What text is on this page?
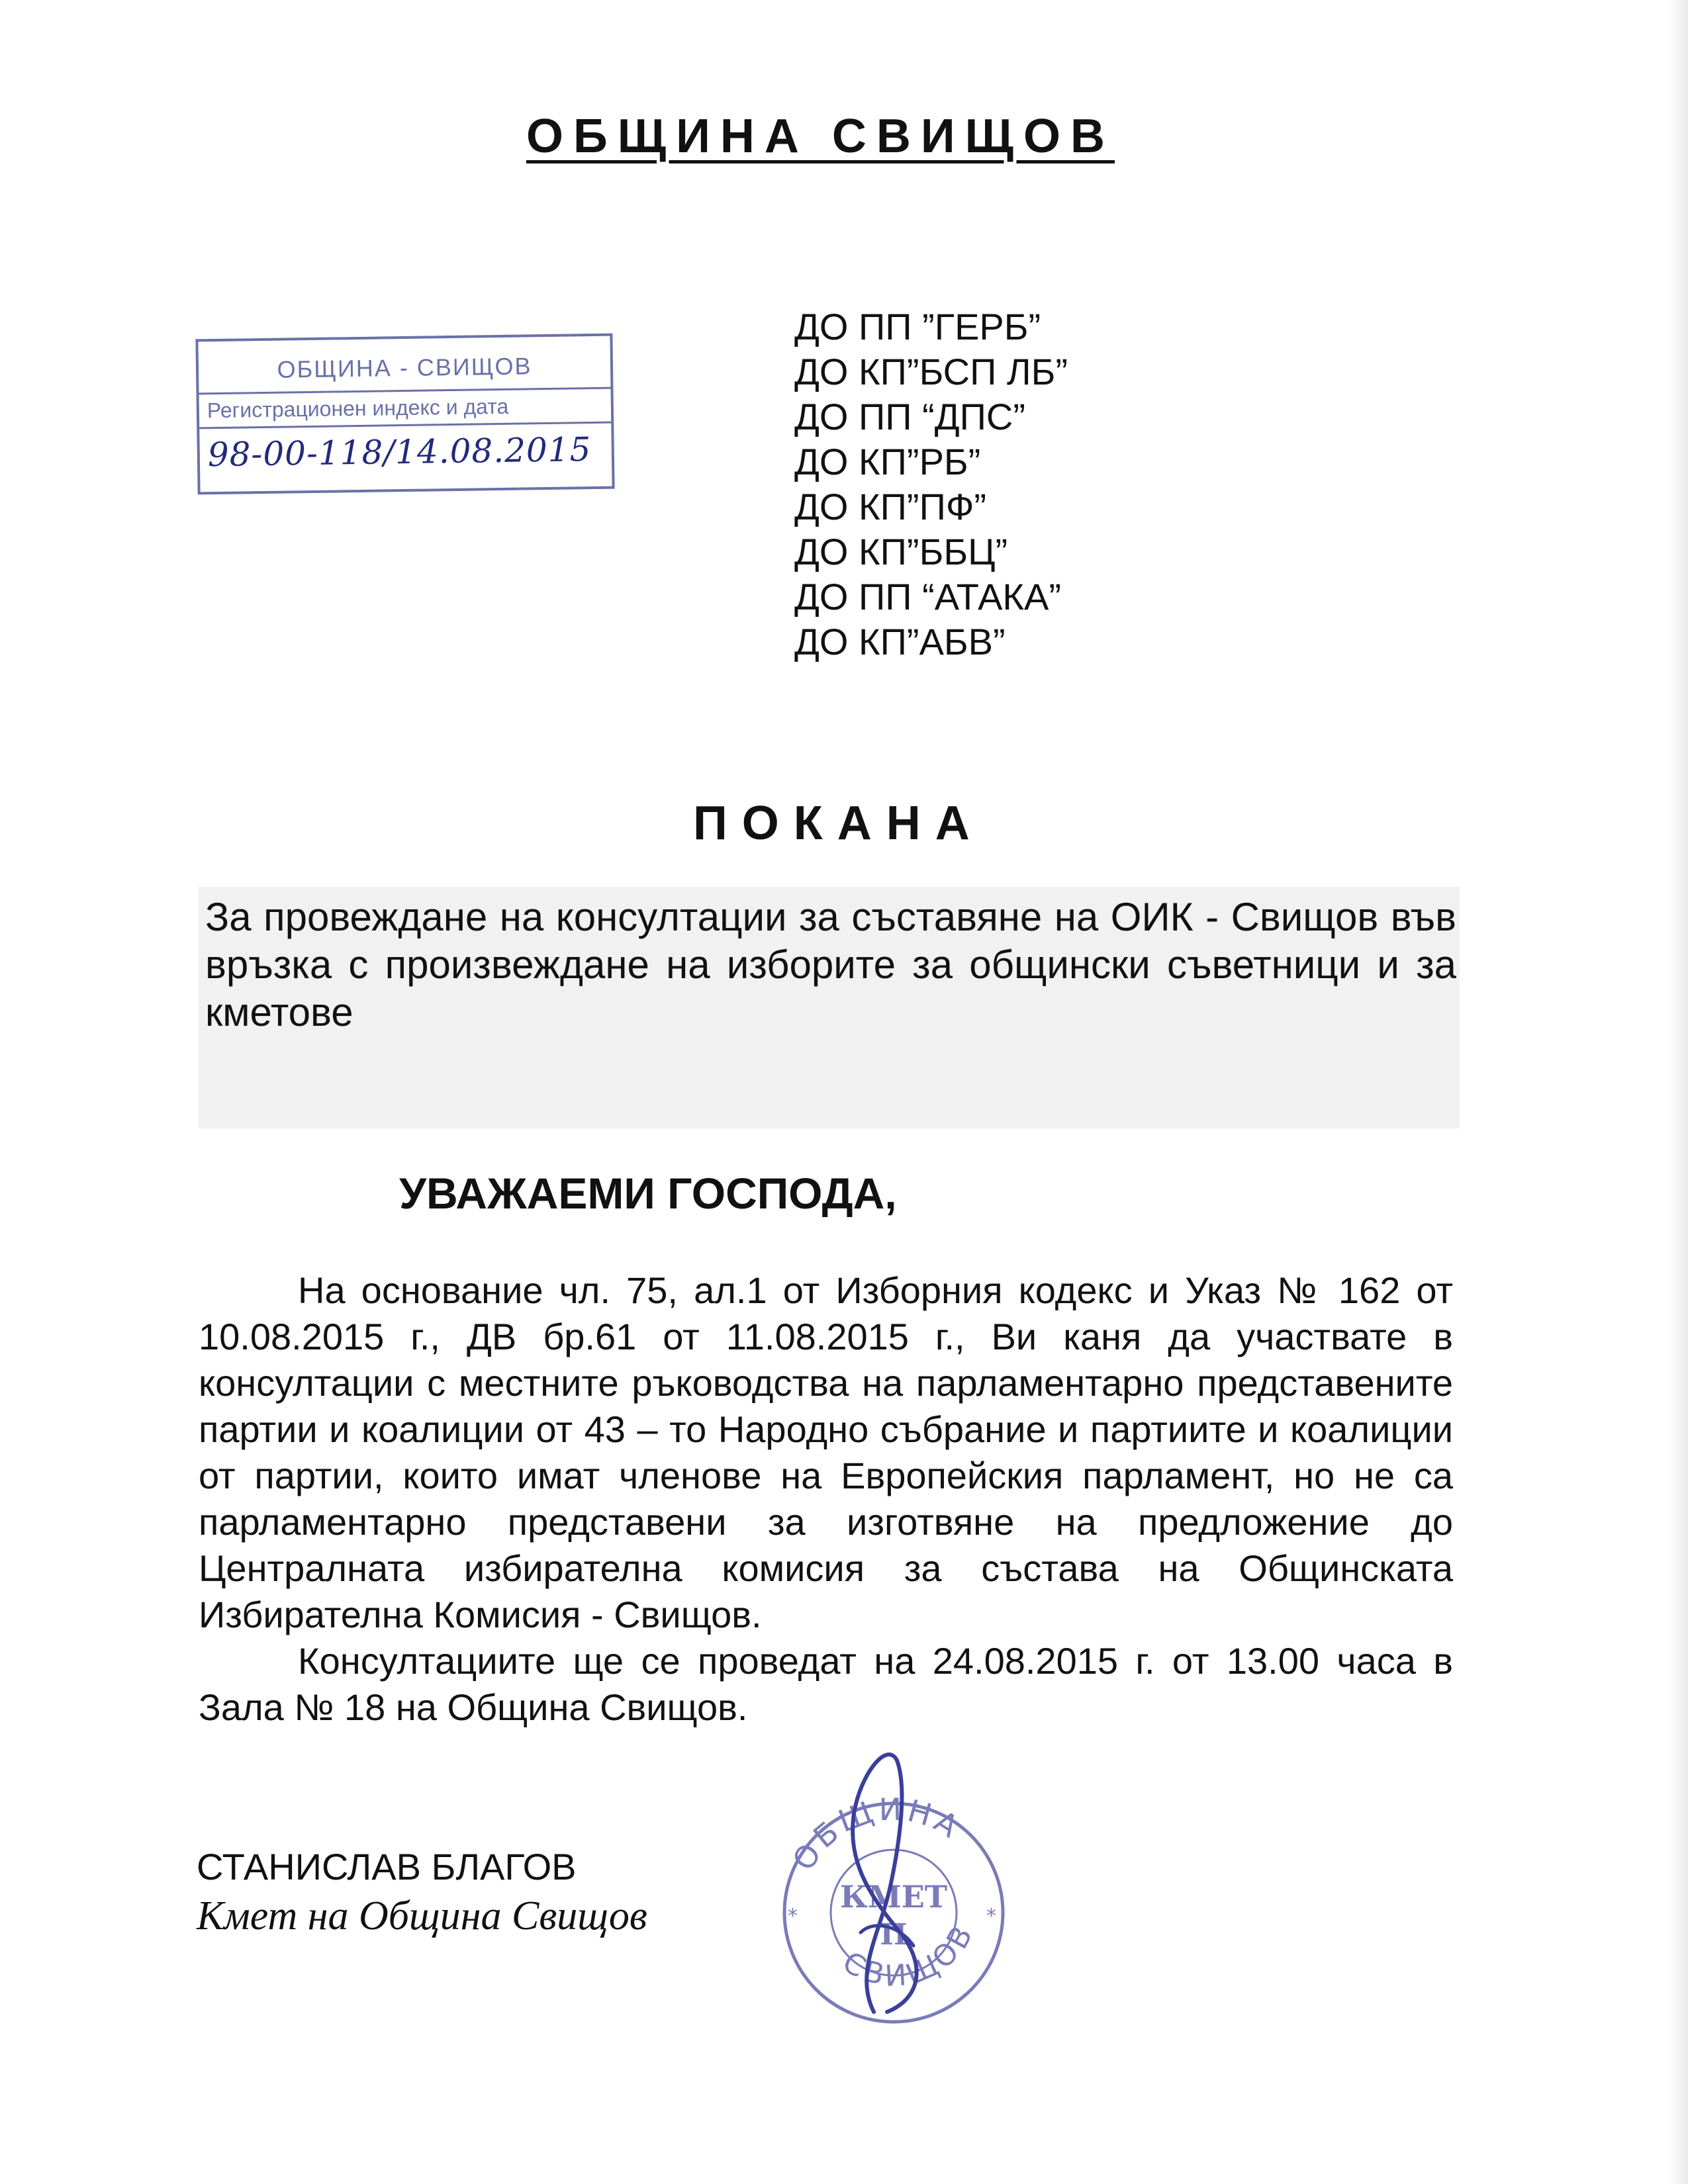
ОБЩИНА СВИЩОВ
ОБЩИНА - СВИЩОВ
Регистрационен индекс и дата
98-00-118/14.08.2015
ДО ПП ”ГЕРБ”
ДО КП”БСП ЛБ”
ДО ПП “ДПС”
ДО КП”РБ”
ДО КП”ПФ”
ДО КП”ББЦ”
ДО ПП “АТАКА”
ДО КП”АБВ”
ПОКАНА

За провеждане на консултации за съставяне на ОИК - Свищов във връзка с произвеждане на изборите за общински съветници и за кметове

УВАЖАЕМИ ГОСПОДА,

На основание чл. 75, ал.1 от Изборния кодекс и Указ № 162 от 10.08.2015 г., ДВ бр.61 от 11.08.2015 г., Ви каня да участвате в консултации с местните ръководства на парламентарно представените партии и коалиции от 43 – то Народно събрание и партиите и коалиции от партии, които имат членове на Европейския парламент, но не са парламентарно представени за изготвяне на предложение до Централната избирателна комисия за състава на Общинската Избирателна Комисия - Свищов.

Консултациите ще се проведат на 24.08.2015 г. от 13.00 часа в Зала № 18 на Община Свищов.

СТАНИСЛАВ БЛАГОВ

Кмет на Община Свищов

ОБЩИНА
СВИЩОВ
КМЕТ
II
*	*
